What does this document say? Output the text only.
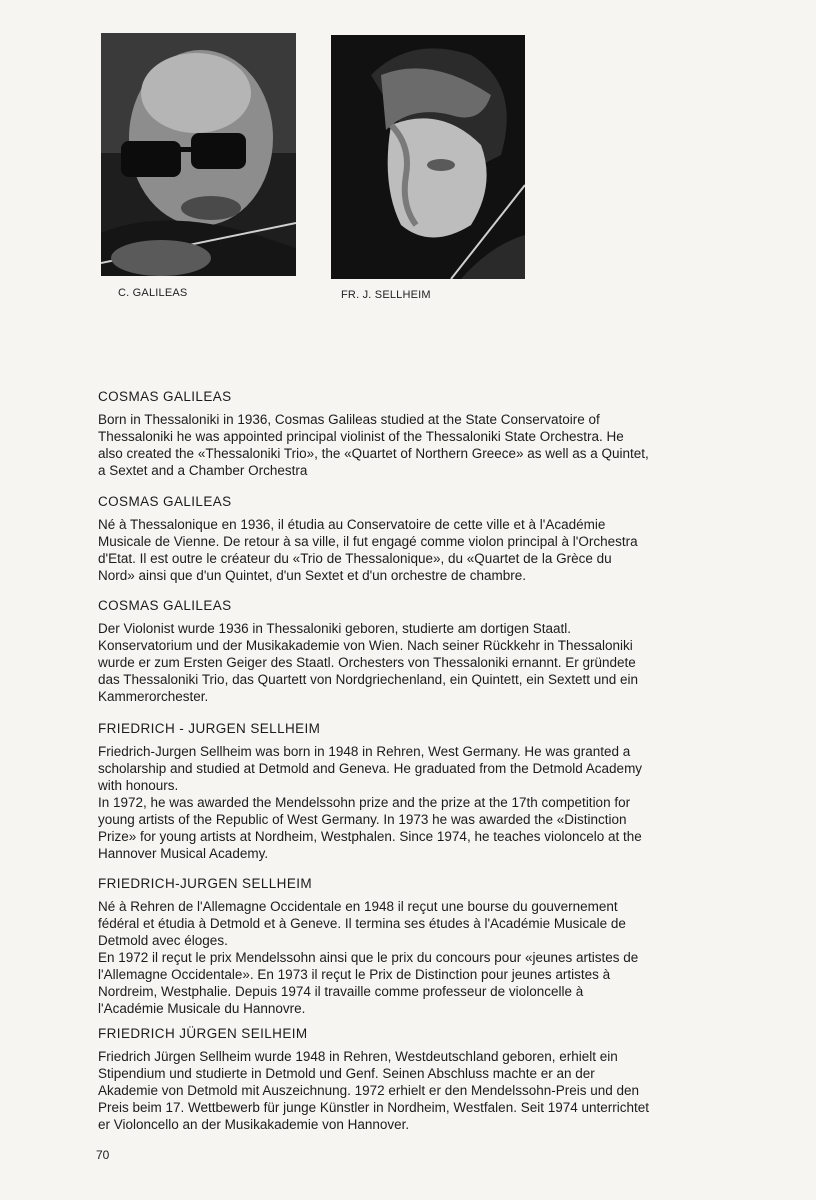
C. GALILEAS	FR. J. SELLHEIM
COSMAS GALILEAS

Born in Thessaloniki in 1936, Cosmas Galileas studied at the State Conservatoire of
Thessaloniki he was appointed principal violinist of the Thessaloniki State Orchestra. He
also created the «Thessaloniki Trio», the «Quartet of Northern Greece» as well as a Quintet,
a Sextet and a Chamber Orchestra

COSMAS GALILEAS

Né à Thessalonique en 1936, il étudia au Conservatoire de cette ville et à l'Académie
Musicale de Vienne. De retour à sa ville, il fut engagé comme violon principal à l'Orchestra
d'Etat. Il est outre le créateur du «Trio de Thessalonique», du «Quartet de la Grèce du
Nord» ainsi que d'un Quintet, d'un Sextet et d'un orchestre de chambre.

COSMAS GALILEAS

Der Violonist wurde 1936 in Thessaloniki geboren, studierte am dortigen Staatl.
Konservatorium und der Musikakademie von Wien. Nach seiner Rückkehr in Thessaloniki
wurde er zum Ersten Geiger des Staatl. Orchesters von Thessaloniki ernannt. Er gründete
das Thessaloniki Trio, das Quartett von Nordgriechenland, ein Quintett, ein Sextett und ein
Kammerorchester.

FRIEDRICH - JURGEN SELLHEIM

Friedrich-Jurgen Sellheim was born in 1948 in Rehren, West Germany. He was granted a
scholarship and studied at Detmold and Geneva. He graduated from the Detmold Academy
with honours.
In 1972, he was awarded the Mendelssohn prize and the prize at the 17th competition for
young artists of the Republic of West Germany. In 1973 he was awarded the «Distinction
Prize» for young artists at Nordheim, Westphalen. Since 1974, he teaches violoncelo at the
Hannover Musical Academy.

FRIEDRICH-JURGEN SELLHEIM

Né à Rehren de l'Allemagne Occidentale en 1948 il reçut une bourse du gouvernement
fédéral et étudia à Detmold et à Geneve. Il termina ses études à l'Académie Musicale de
Detmold avec éloges.
En 1972 il reçut le prix Mendelssohn ainsi que le prix du concours pour «jeunes artistes de
l'Allemagne Occidentale». En 1973 il reçut le Prix de Distinction pour jeunes artistes à
Nordreim, Westphalie. Depuis 1974 il travaille comme professeur de violoncelle à
l'Académie Musicale du Hannovre.

FRIEDRICH JÜRGEN SEILHEIM

Friedrich Jürgen Sellheim wurde 1948 in Rehren, Westdeutschland geboren, erhielt ein
Stipendium und studierte in Detmold und Genf. Seinen Abschluss machte er an der
Akademie von Detmold mit Auszeichnung. 1972 erhielt er den Mendelssohn-Preis und den
Preis beim 17. Wettbewerb für junge Künstler in Nordheim, Westfalen. Seit 1974 unterrichtet
er Violoncello an der Musikakademie von Hannover.

70
